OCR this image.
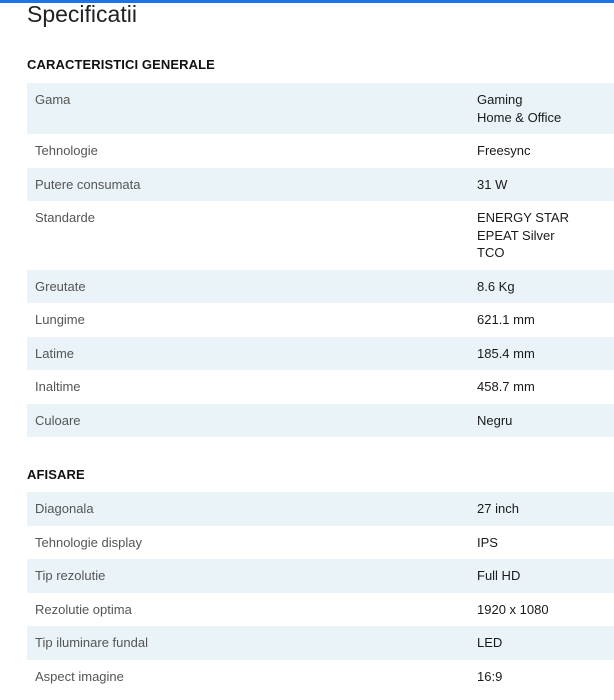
Specificatii
CARACTERISTICI GENERALE
Gama	Gaming
Home & Office
Tehnologie	Freesync
Putere consumata	31 W
Standarde	ENERGY STAR
EPEAT Silver
TCO
Greutate	8.6 Kg
Lungime	621.1 mm
Latime	185.4 mm
Inaltime	458.7 mm
Culoare	Negru
AFISARE
Diagonala	27 inch
Tehnologie display	IPS
Tip rezolutie	Full HD
Rezolutie optima	1920 x 1080
Tip iluminare fundal	LED
Aspect imagine	16:9
